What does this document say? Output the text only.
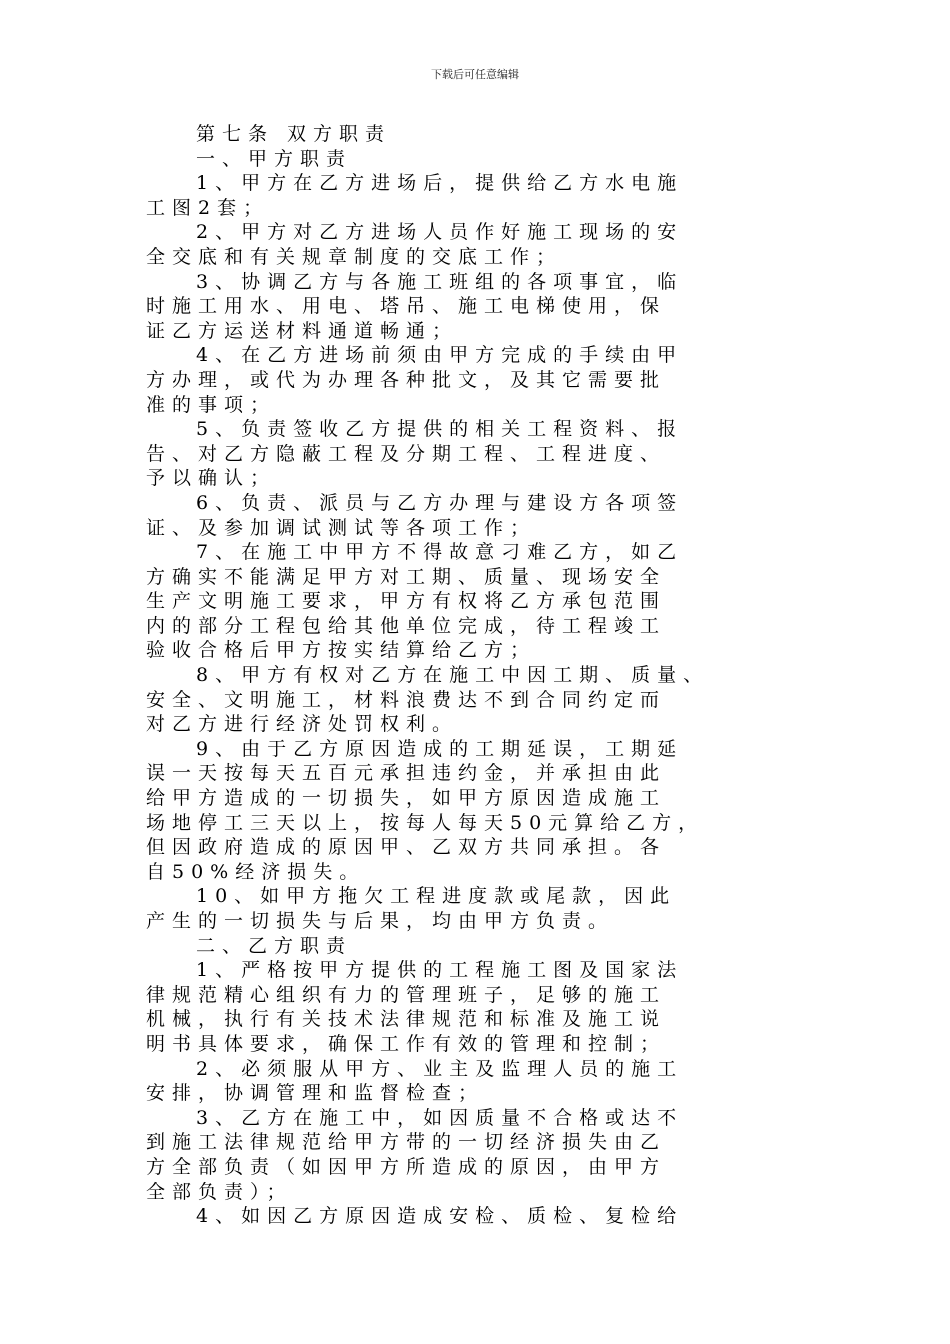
下载后可任意编辑
第七条 双方职责
一、甲方职责
1、甲方在乙方进场后，提供给乙方水电施
工图2套；
2、甲方对乙方进场人员作好施工现场的安
全交底和有关规章制度的交底工作；
3、协调乙方与各施工班组的各项事宜，临
时施工用水、用电、塔吊、施工电梯使用，保
证乙方运送材料通道畅通；
4、在乙方进场前须由甲方完成的手续由甲
方办理，或代为办理各种批文，及其它需要批
准的事项；
5、负责签收乙方提供的相关工程资料、报
告、对乙方隐蔽工程及分期工程、工程进度、
予以确认；
6、负责、派员与乙方办理与建设方各项签
证、及参加调试测试等各项工作；
7、在施工中甲方不得故意刁难乙方，如乙
方确实不能满足甲方对工期、质量、现场安全
生产文明施工要求，甲方有权将乙方承包范围
内的部分工程包给其他单位完成，待工程竣工
验收合格后甲方按实结算给乙方；
8、甲方有权对乙方在施工中因工期、质量、
安全、文明施工，材料浪费达不到合同约定而
对乙方进行经济处罚权利。
9、由于乙方原因造成的工期延误，工期延
误一天按每天五百元承担违约金，并承担由此
给甲方造成的一切损失，如甲方原因造成施工
场地停工三天以上，按每人每天50元算给乙方，
但因政府造成的原因甲、乙双方共同承担。各
自50%经济损失。
10、如甲方拖欠工程进度款或尾款，因此
产生的一切损失与后果，均由甲方负责。
二、乙方职责
1、严格按甲方提供的工程施工图及国家法
律规范精心组织有力的管理班子，足够的施工
机械，执行有关技术法律规范和标准及施工说
明书具体要求，确保工作有效的管理和控制；
2、必须服从甲方、业主及监理人员的施工
安排，协调管理和监督检查；
3、乙方在施工中，如因质量不合格或达不
到施工法律规范给甲方带的一切经济损失由乙
方全部负责（如因甲方所造成的原因，由甲方
全部负责）；
4、如因乙方原因造成安检、质检、复检给
